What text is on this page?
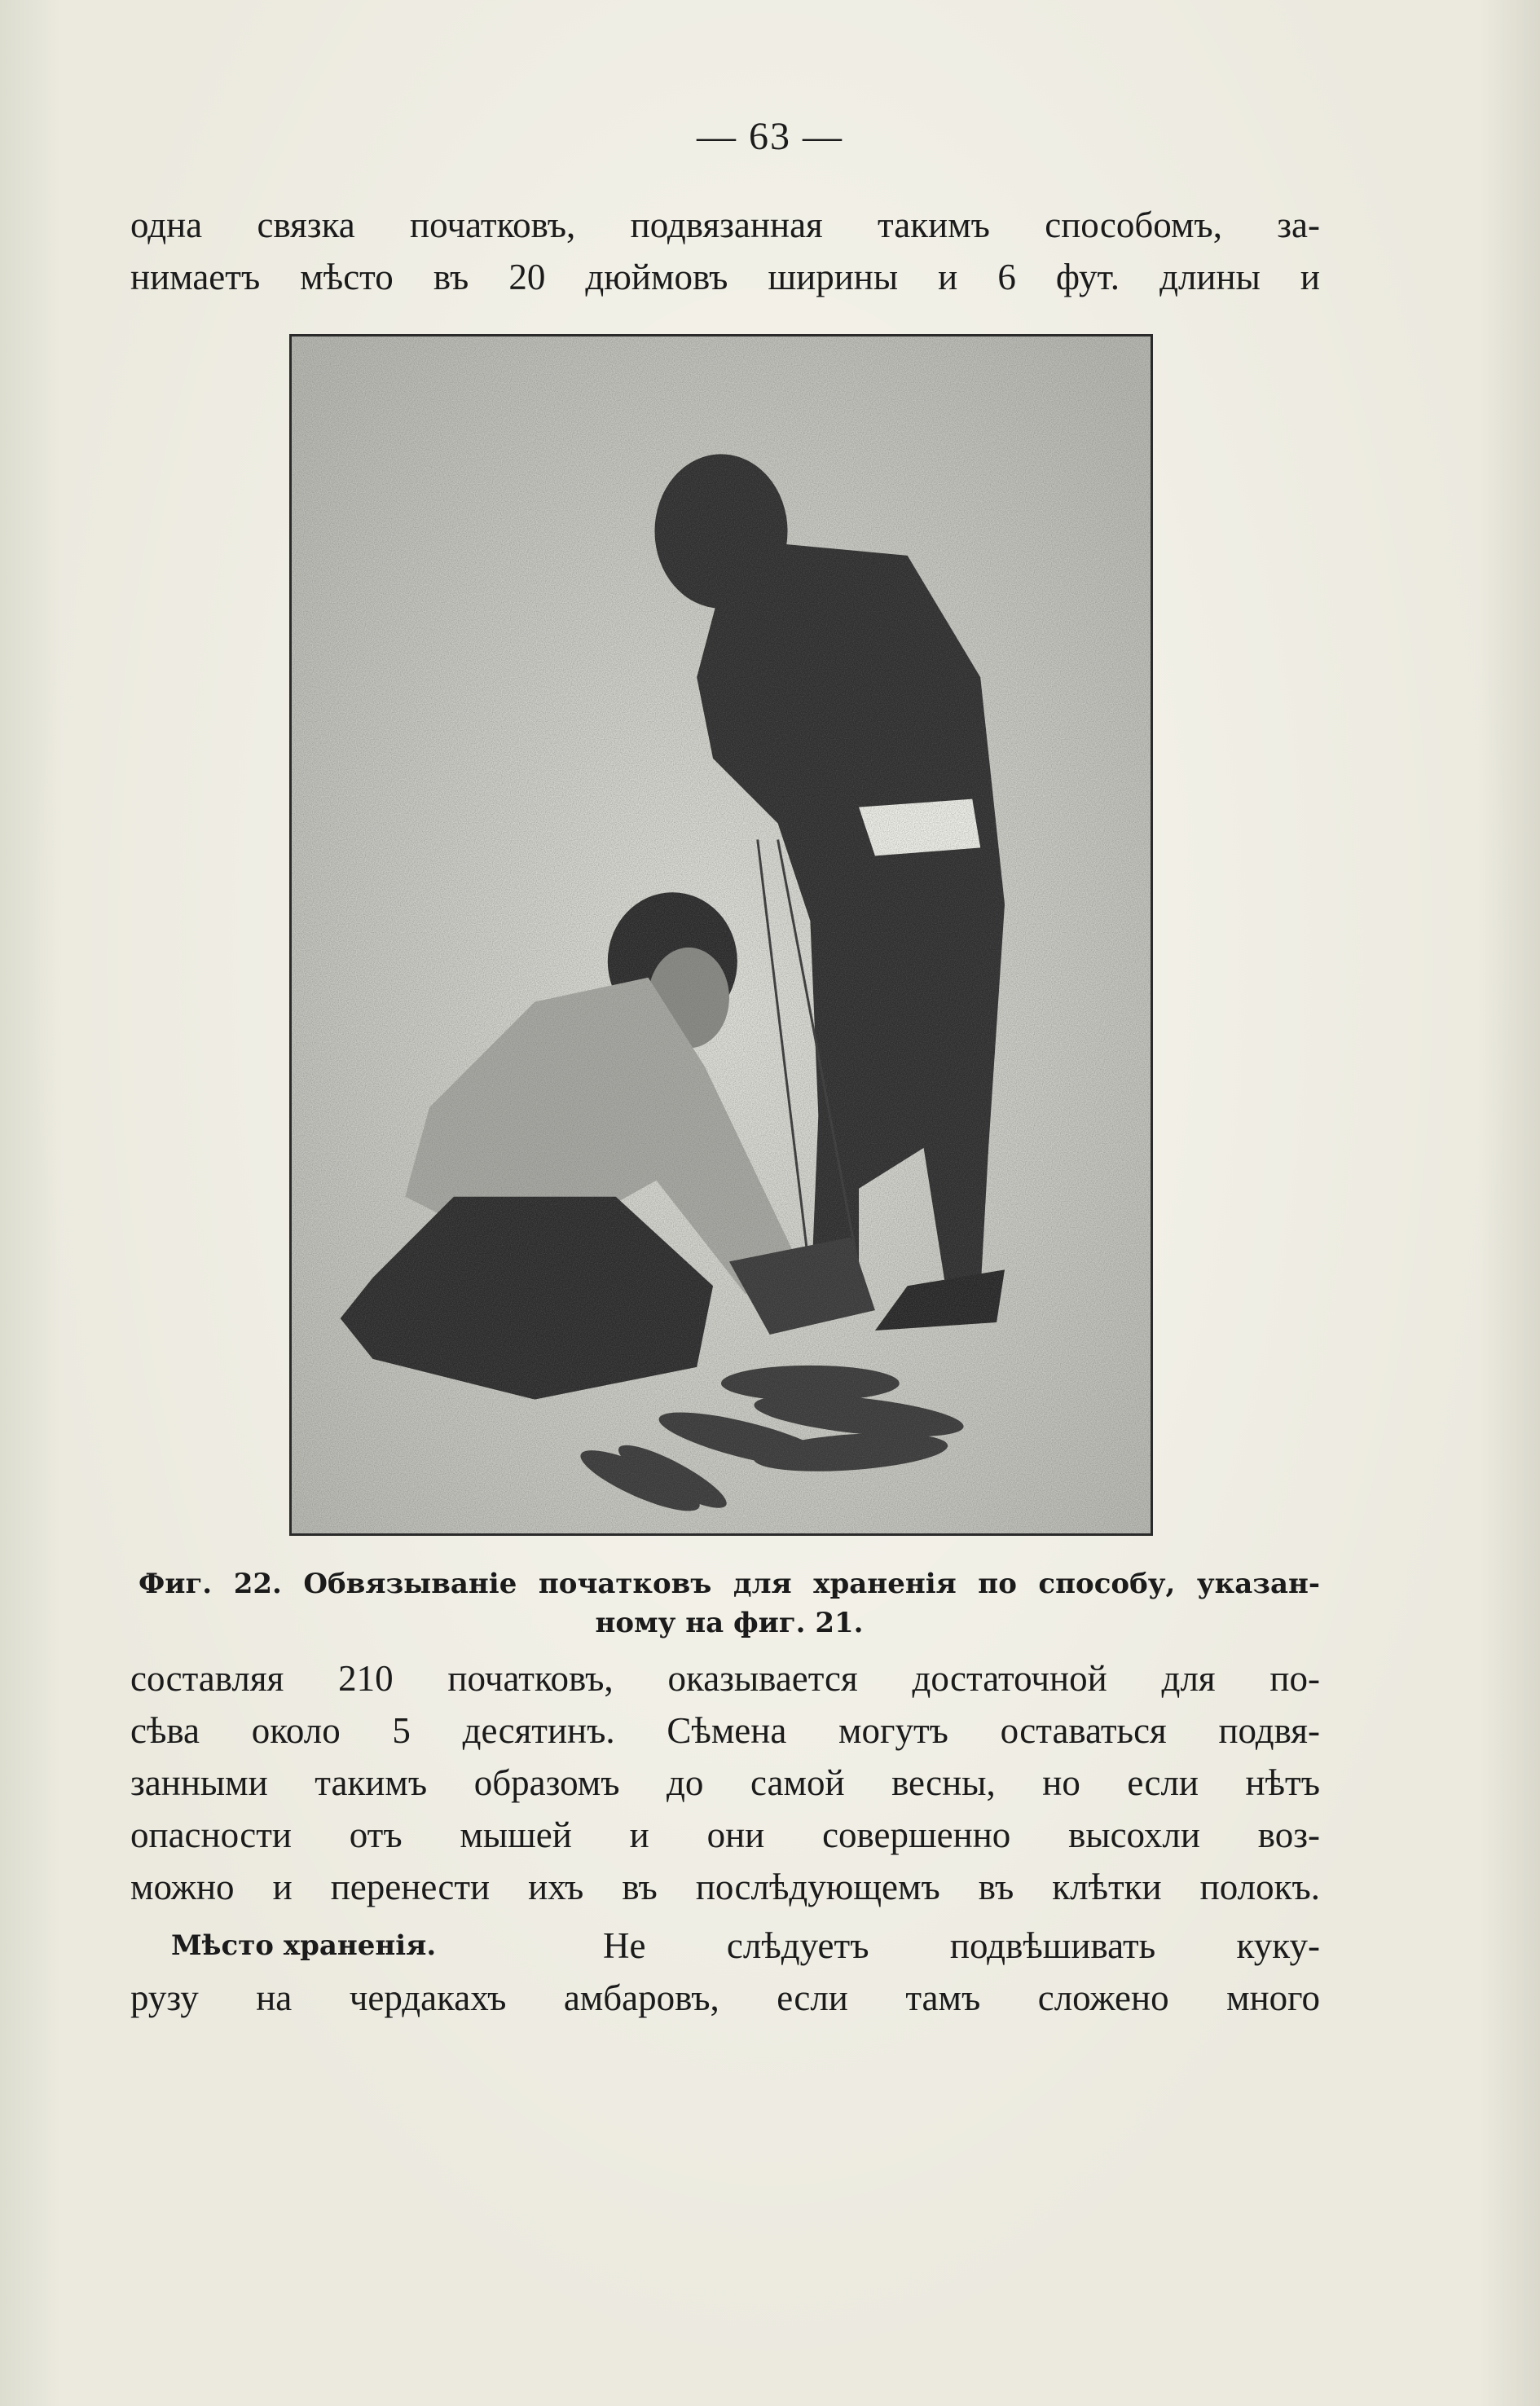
— 63 —
одна связка початковъ, подвязанная такимъ способомъ, за-
нимаетъ мѣсто въ 20 дюймовъ ширины и 6 фут. длины и
Фиг. 22. Обвязываніе початковъ для храненія по способу, указан-
ному на фиг. 21.
составляя 210 початковъ, оказывается достаточной для по-
сѣва около 5 десятинъ. Сѣмена могутъ оставаться подвя-
занными такимъ образомъ до самой весны, но если нѣтъ
опасности отъ мышей и они совершенно высохли воз-
можно и перенести ихъ въ послѣдующемъ въ клѣтки полокъ.
Мѣсто храненія.	Не слѣдуетъ подвѣшивать куку-
рузу на чердакахъ амбаровъ, если тамъ сложено много
